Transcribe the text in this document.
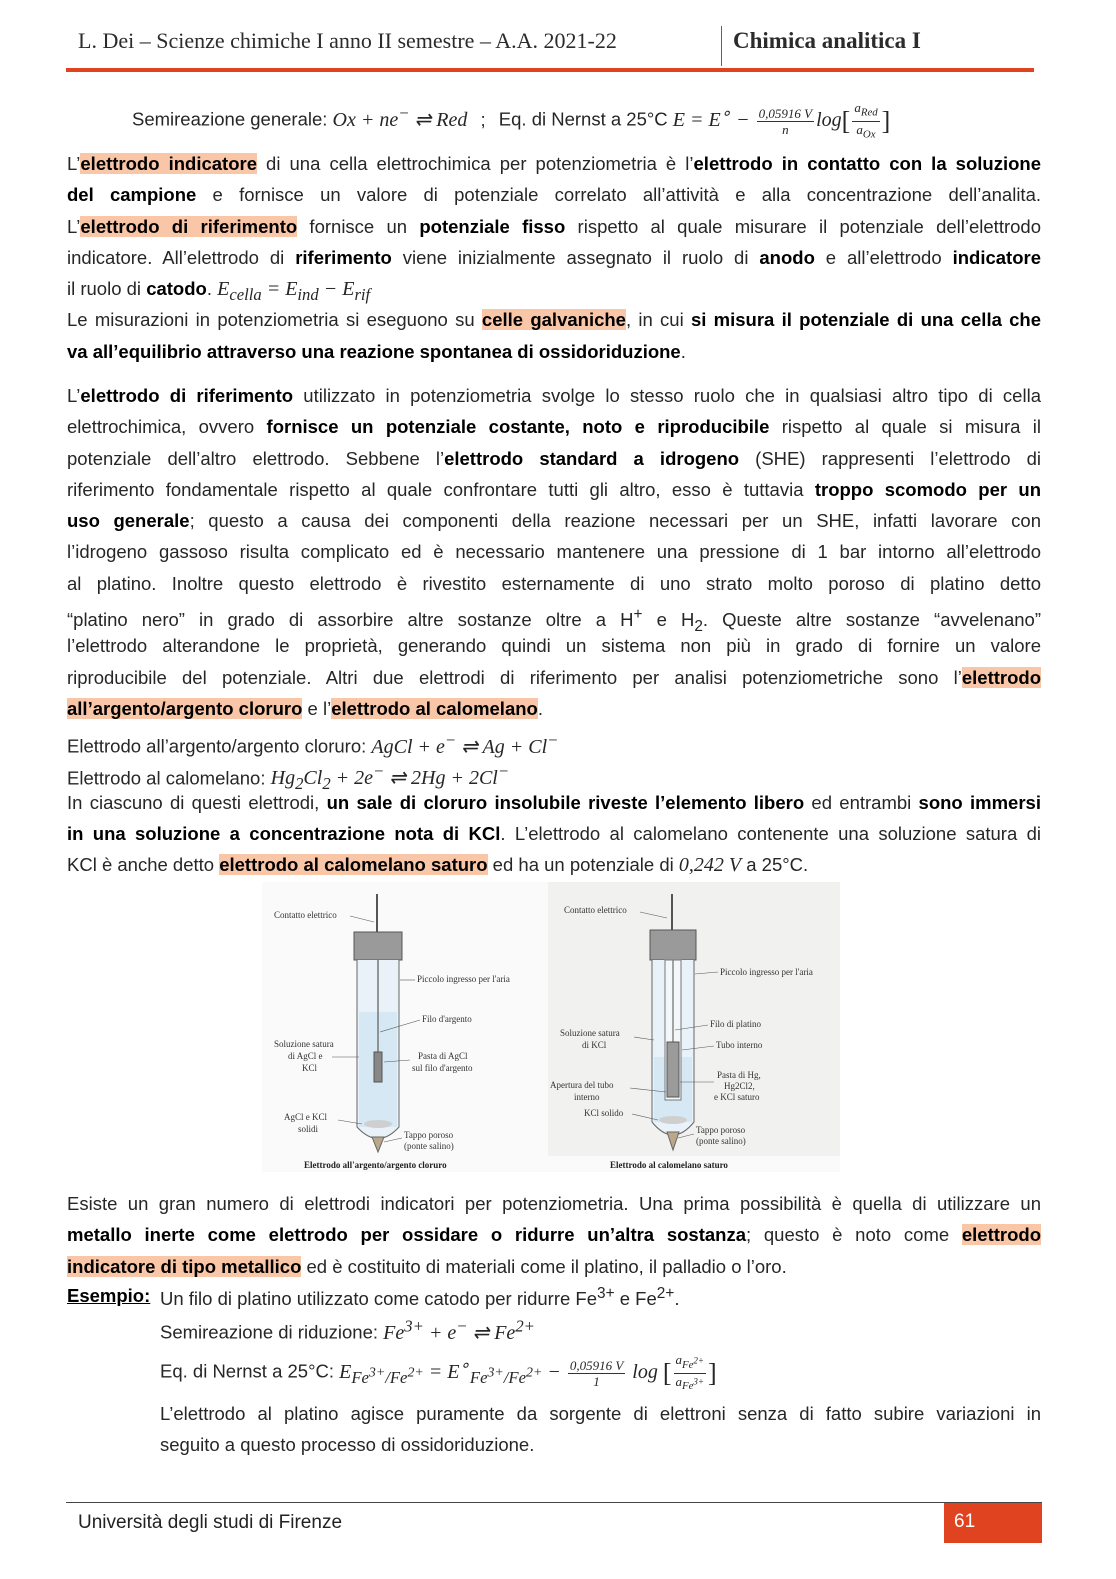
L. Dei – Scienze chimiche I anno II semestre – A.A. 2021-22	Chimica analitica I
Semireazione generale: Ox + ne− ⇌ Red ; Eq. di Nernst a 25°C $E = E^\circ - \frac{0,05916 V}{n} \log[ \frac{a_{Red}}{a_{Ox}}$ ]
L’elettrodo indicatore di una cella elettrochimica per potenziometria è l’elettrodo in contatto con la soluzione
del campione e fornisce un valore di potenziale correlato all’attività e alla concentrazione dell’analita.
L’elettrodo di riferimento fornisce un potenziale fisso rispetto al quale misurare il potenziale dell’elettrodo
indicatore. All’elettrodo di riferimento viene inizialmente assegnato il ruolo di anodo e all’elettrodo indicatore
il ruolo di catodo. $E_{cella} = E_{ind} - E_{rif}$
Le misurazioni in potenziometria si eseguono su celle galvaniche, in cui si misura il potenziale di una cella che
va all’equilibrio attraverso una reazione spontanea di ossidoriduzione.
L’elettrodo di riferimento utilizzato in potenziometria svolge lo stesso ruolo che in qualsiasi altro tipo di cella
elettrochimica, ovvero fornisce un potenziale costante, noto e riproducibile rispetto al quale si misura il
potenziale dell’altro elettrodo. Sebbene l’elettrodo standard a idrogeno (SHE) rappresenti l’elettrodo di
riferimento fondamentale rispetto al quale confrontare tutti gli altro, esso è tuttavia troppo scomodo per un
uso generale; questo a causa dei componenti della reazione necessari per un SHE, infatti lavorare con
l’idrogeno gassoso risulta complicato ed è necessario mantenere una pressione di 1 bar intorno all’elettrodo
al platino. Inoltre questo elettrodo è rivestito esternamente di uno strato molto poroso di platino detto
“platino nero” in grado di assorbire altre sostanze oltre a H+ e $H_2$. Queste altre sostanze “avvelenano”
l’elettrodo alterandone le proprietà, generando quindi un sistema non più in grado di fornire un valore
riproducibile del potenziale. Altri due elettrodi di riferimento per analisi potenziometriche sono l’elettrodo
all’argento/argento cloruro e l’elettrodo al calomelano.
Elettrodo all’argento/argento cloruro: AgCl + e− ⇌ Ag + Cl−
Elettrodo al calomelano: $Hg_2Cl_2 + 2e^-$ ⇌ 2Hg + 2Cl−
In ciascuno di questi elettrodi, un sale di cloruro insolubile riveste l’elemento libero ed entrambi sono immersi
in una soluzione a concentrazione nota di KCl. L’elettrodo al calomelano contenente una soluzione satura di
KCl è anche detto elettrodo al calomelano saturo ed ha un potenziale di 0,242 V a 25°C.
Contatto elettrico
Piccolo ingresso per l'aria
Filo d'argento
Soluzione satura
di AgCl e
KCl
Pasta di AgCl
sul filo d'argento
AgCl e KCl
solidi
Tappo poroso
(ponte salino)
Elettrodo all'argento/argento cloruro
Contatto elettrico
Piccolo ingresso per l'aria
Filo di platino
Tubo interno
Soluzione satura
di KCl
Apertura del tubo
interno
KCl solido
Pasta di Hg,
Hg2Cl2,
e KCl saturo
Tappo poroso
(ponte salino)
Elettrodo al calomelano saturo
Esiste un gran numero di elettrodi indicatori per potenziometria. Una prima possibilità è quella di utilizzare un
metallo inerte come elettrodo per ossidare o ridurre un’altra sostanza; questo è noto come elettrodo
indicatore di tipo metallico ed è costituito di materiali come il platino, il palladio o l’oro.
Esempio: Un filo di platino utilizzato come catodo per ridurre $Fe^{3+}$ e $Fe^{2+}$.
Semireazione di riduzione: $Fe^{3+} + e^-$ ⇌ $Fe^{2+}$
Eq. di Nernst a 25°C: $E_{Fe^{3+}/Fe^{2+}} = E^\circ_{Fe^{3+}/Fe^{2+}} - \frac{0,05916 V}{1}$ log [ $\frac{a_{Fe^{2+}}}{a_{Fe^{3+}}}$ ]
L’elettrodo al platino agisce puramente da sorgente di elettroni senza di fatto subire variazioni in
seguito a questo processo di ossidoriduzione.
Università degli studi di Firenze	61
